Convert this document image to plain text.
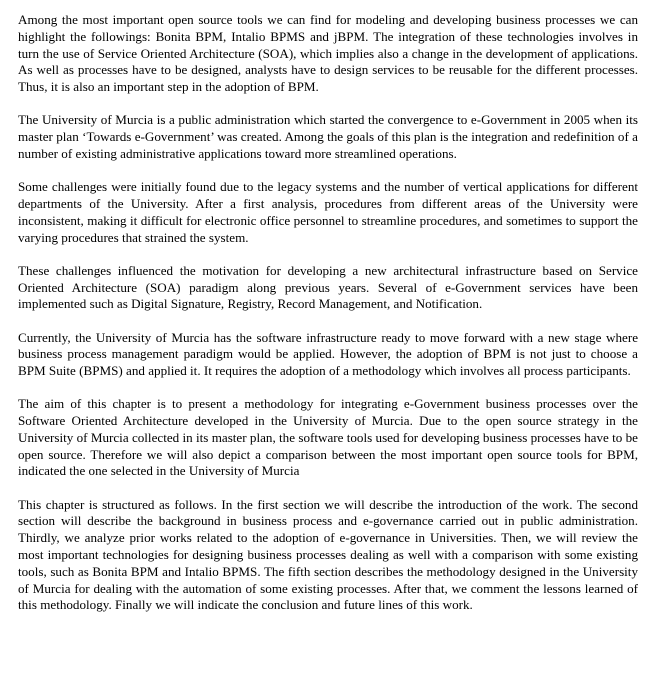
Among the most important open source tools we can find for modeling and developing business processes we can highlight the followings: Bonita BPM, Intalio BPMS and jBPM. The integration of these technologies involves in turn the use of Service Oriented Architecture (SOA), which implies also a change in the development of applications. As well as processes have to be designed, analysts have to design services to be reusable for the different processes. Thus, it is also an important step in the adoption of BPM.

The University of Murcia is a public administration which started the convergence to e-Government in 2005 when its master plan ‘Towards e-Government’ was created. Among the goals of this plan is the integration and redefinition of a number of existing administrative applications toward more streamlined operations.

Some challenges were initially found due to the legacy systems and the number of vertical applications for different departments of the University. After a first analysis, procedures from different areas of the University were inconsistent, making it difficult for electronic office personnel to streamline procedures, and sometimes to support the varying procedures that strained the system.

These challenges influenced the motivation for developing a new architectural infrastructure based on Service Oriented Architecture (SOA) paradigm along previous years. Several of e-Government services have been implemented such as Digital Signature, Registry, Record Management, and Notification.

Currently, the University of Murcia has the software infrastructure ready to move forward with a new stage where business process management paradigm would be applied. However, the adoption of BPM is not just to choose a BPM Suite (BPMS) and applied it. It requires the adoption of a methodology which involves all process participants.

The aim of this chapter is to present a methodology for integrating e-Government business processes over the Software Oriented Architecture developed in the University of Murcia. Due to the open source strategy in the University of Murcia collected in its master plan, the software tools used for developing business processes have to be open source. Therefore we will also depict a comparison between the most important open source tools for BPM, indicated the one selected in the University of Murcia

This chapter is structured as follows. In the first section we will describe the introduction of the work. The second section will describe the background in business process and e-governance carried out in public administration. Thirdly, we analyze prior works related to the adoption of e-governance in Universities. Then, we will review the most important technologies for designing business processes dealing as well with a comparison with some existing tools, such as Bonita BPM and Intalio BPMS. The fifth section describes the methodology designed in the University of Murcia for dealing with the automation of some existing processes. After that, we comment the lessons learned of this methodology. Finally we will indicate the conclusion and future lines of this work.
